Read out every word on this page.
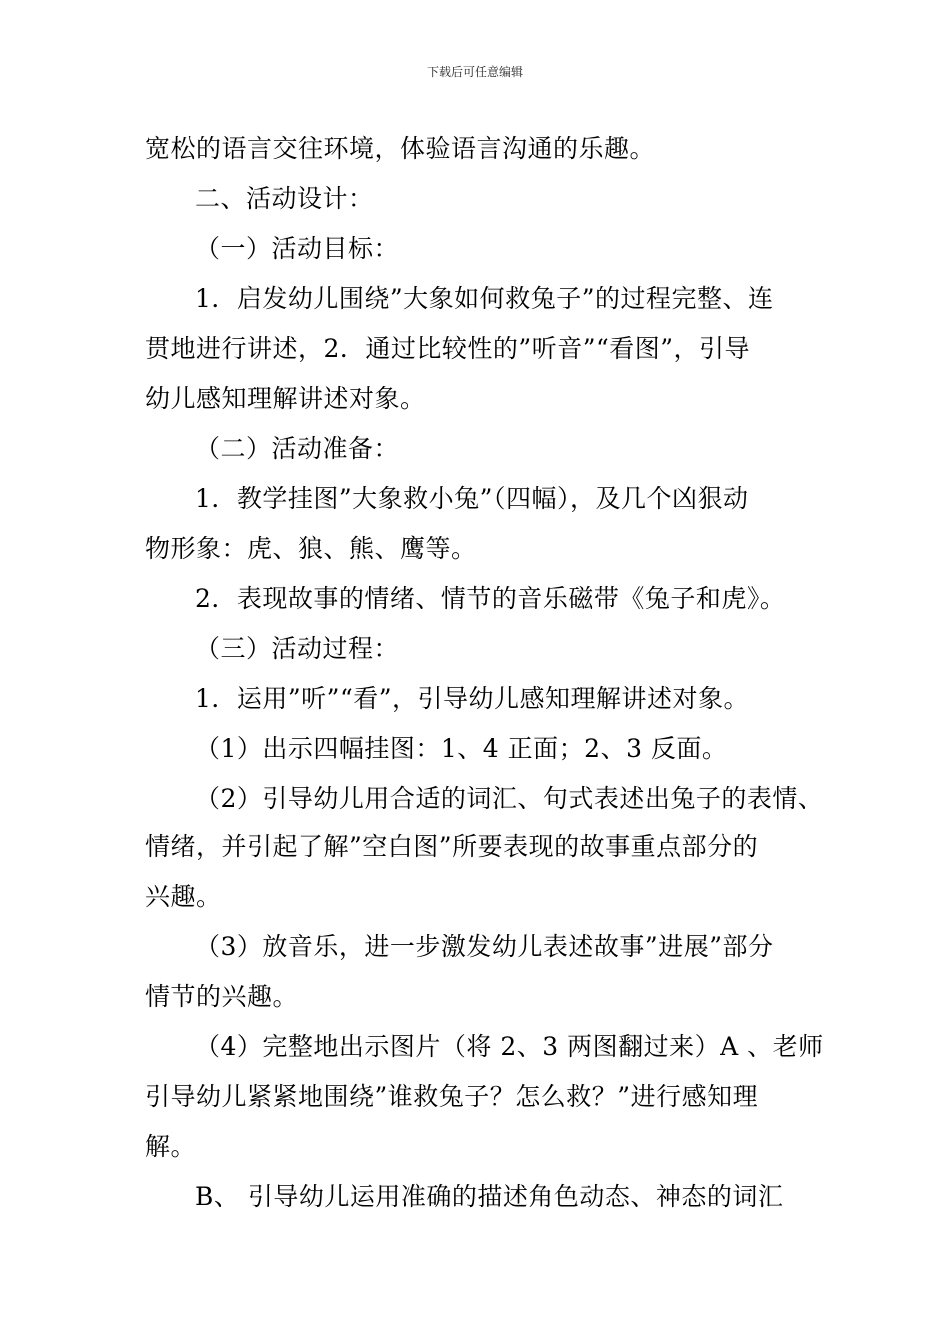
下载后可任意编辑
宽松的语言交往环境，体验语言沟通的乐趣。
二、活动设计：
（一）活动目标：
1．启发幼儿围绕”大象如何救兔子”的过程完整、连
贯地进行讲述，2．通过比较性的”听音”“看图”，引导
幼儿感知理解讲述对象。
（二）活动准备：
1．教学挂图”大象救小兔”（四幅），及几个凶狠动
物形象：虎、狼、熊、鹰等。
2．表现故事的情绪、情节的音乐磁带《兔子和虎》。
（三）活动过程：
1．运用”听”“看”，引导幼儿感知理解讲述对象。
（1）出示四幅挂图：1、4 正面；2、3 反面。
（2）引导幼儿用合适的词汇、句式表述出兔子的表情、
情绪，并引起了解”空白图”所要表现的故事重点部分的
兴趣。
（3）放音乐，进一步激发幼儿表述故事”进展”部分
情节的兴趣。
（4）完整地出示图片（将 2、3 两图翻过来）A 、老师
引导幼儿紧紧地围绕”谁救兔子？怎么救？”进行感知理
解。
B、 引导幼儿运用准确的描述角色动态、神态的词汇
